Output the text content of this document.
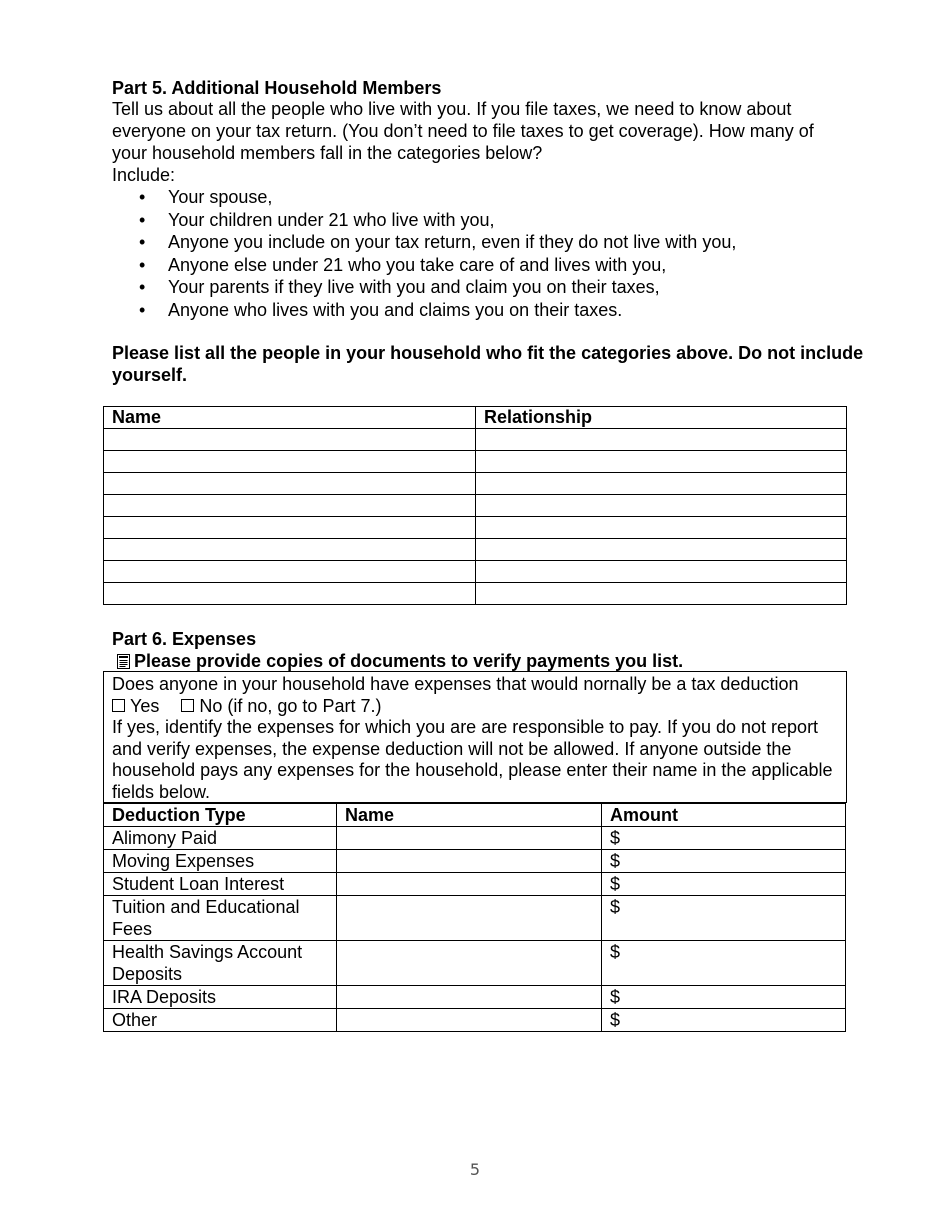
Part 5. Additional Household Members

Tell us about all the people who live with you. If you file taxes, we need to know about everyone on your tax return. (You don’t need to file taxes to get coverage). How many of your household members fall in the categories below?

Include:

• Your spouse,
• Your children under 21 who live with you,
• Anyone you include on your tax return, even if they do not live with you,
• Anyone else under 21 who you take care of and lives with you,
• Your parents if they live with you and claim you on their taxes,
• Anyone who lives with you and claims you on their taxes.

Please list all the people in your household who fit the categories above. Do not include yourself.

Name	Relationship

Part 6. Expenses

Please provide copies of documents to verify payments you list.

Does anyone in your household have expenses that would nornally be a tax deduction

Yes No (if no, go to Part 7.)

If yes, identify the expenses for which you are are responsible to pay. If you do not report and verify expenses, the expense deduction will not be allowed. If anyone outside the household pays any expenses for the household, please enter their name in the applicable fields below.

Deduction Type	Name	Amount
Alimony Paid		$
Moving Expenses		$
Student Loan Interest		$
Tuition and Educational Fees		$
Health Savings Account Deposits		$
IRA Deposits		$
Other		$
5
